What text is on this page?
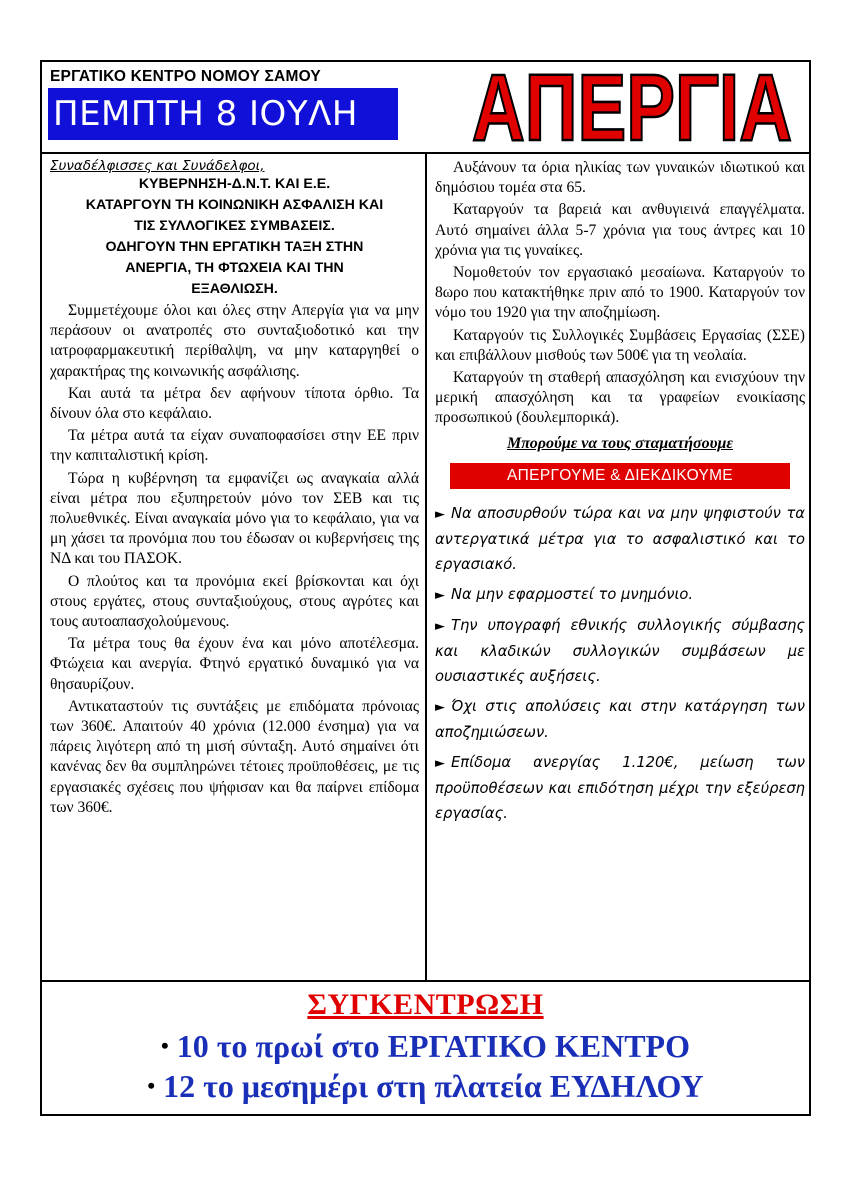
ΕΡΓΑΤΙΚΟ ΚΕΝΤΡΟ ΝΟΜΟΥ ΣΑΜΟΥ
ΠΕΜΠΤΗ 8 ΙΟΥΛΗ	ΑΠΕΡΓΙΑ

Συναδέλφισσες και Συνάδελφοι,

ΚΥΒΕΡΝΗΣΗ-Δ.Ν.Τ. ΚΑΙ Ε.Ε.
ΚΑΤΑΡΓΟΥΝ ΤΗ ΚΟΙΝΩΝΙΚΗ ΑΣΦΑΛΙΣΗ ΚΑΙ
ΤΙΣ ΣΥΛΛΟΓΙΚΕΣ ΣΥΜΒΑΣΕΙΣ.
ΟΔΗΓΟΥΝ ΤΗΝ ΕΡΓΑΤΙΚΗ ΤΑΞΗ ΣΤΗΝ
ΑΝΕΡΓΙΑ, ΤΗ ΦΤΩΧΕΙΑ ΚΑΙ ΤΗΝ
ΕΞΑΘΛΙΩΣΗ.

Συμμετέχουμε όλοι και όλες στην Απεργία για να μην περάσουν οι ανατροπές στο συνταξιοδοτικό και την ιατροφαρμακευτική περίθαλψη, να μην καταργηθεί ο χαρακτήρας της κοινωνικής ασφάλισης.

Και αυτά τα μέτρα δεν αφήνουν τίποτα όρθιο. Τα δίνουν όλα στο κεφάλαιο.

Τα μέτρα αυτά τα είχαν συναποφασίσει στην ΕΕ πριν την καπιταλιστική κρίση.

Τώρα η κυβέρνηση τα εμφανίζει ως αναγκαία αλλά είναι μέτρα που εξυπηρετούν μόνο τον ΣΕΒ και τις πολυεθνικές. Είναι αναγκαία μόνο για το κεφάλαιο, για να μη χάσει τα προνόμια που του έδωσαν οι κυβερνήσεις της ΝΔ και του ΠΑΣΟΚ.

Ο πλούτος και τα προνόμια εκεί βρίσκονται και όχι στους εργάτες, στους συνταξιούχους, στους αγρότες και τους αυτοαπασχολούμενους.

Τα μέτρα τους θα έχουν ένα και μόνο αποτέλεσμα. Φτώχεια και ανεργία. Φτηνό εργατικό δυναμικό για να θησαυρίζουν.

Αντικαταστούν τις συντάξεις με επιδόματα πρόνοιας των 360€. Απαιτούν 40 χρόνια (12.000 ένσημα) για να πάρεις λιγότερη από τη μισή σύνταξη. Αυτό σημαίνει ότι κανένας δεν θα συμπληρώνει τέτοιες προϋποθέσεις, με τις εργασιακές σχέσεις που ψήφισαν και θα παίρνει επίδομα των 360€.

Αυξάνουν τα όρια ηλικίας των γυναικών ιδιωτικού και δημόσιου τομέα στα 65.

Καταργούν τα βαρειά και ανθυγιεινά επαγγέλματα. Αυτό σημαίνει άλλα 5-7 χρόνια για τους άντρες και 10 χρόνια για τις γυναίκες.

Νομοθετούν τον εργασιακό μεσαίωνα. Καταργούν το 8ωρο που κατακτήθηκε πριν από το 1900. Καταργούν τον νόμο του 1920 για την αποζημίωση.

Καταργούν τις Συλλογικές Συμβάσεις Εργασίας (ΣΣΕ) και επιβάλλουν μισθούς των 500€ για τη νεολαία.

Καταργούν τη σταθερή απασχόληση και ενισχύουν την μερική απασχόληση και τα γραφείων ενοικίασης προσωπικού (δουλεμπορικά).

Μπορούμε να τους σταματήσουμε
ΑΠΕΡΓΟΥΜΕ & ΔΙΕΚΔΙΚΟΥΜΕ
► Να αποσυρθούν τώρα και να μην ψηφιστούν τα αντεργατικά μέτρα για το ασφαλιστικό και το εργασιακό.
► Να μην εφαρμοστεί το μνημόνιο.
► Την υπογραφή εθνικής συλλογικής σύμβασης και κλαδικών συλλογικών συμβάσεων με ουσιαστικές αυξήσεις.
► Όχι στις απολύσεις και στην κατάργηση των αποζημιώσεων.
► Επίδομα ανεργίας 1.120€, μείωση των προϋποθέσεων και επιδότηση μέχρι την εξεύρεση εργασίας.
ΣΥΓΚΕΝΤΡΩΣΗ
• 10 το πρωί στο ΕΡΓΑΤΙΚΟ ΚΕΝΤΡΟ
• 12 το μεσημέρι στη πλατεία ΕΥΔΗΛΟΥ
